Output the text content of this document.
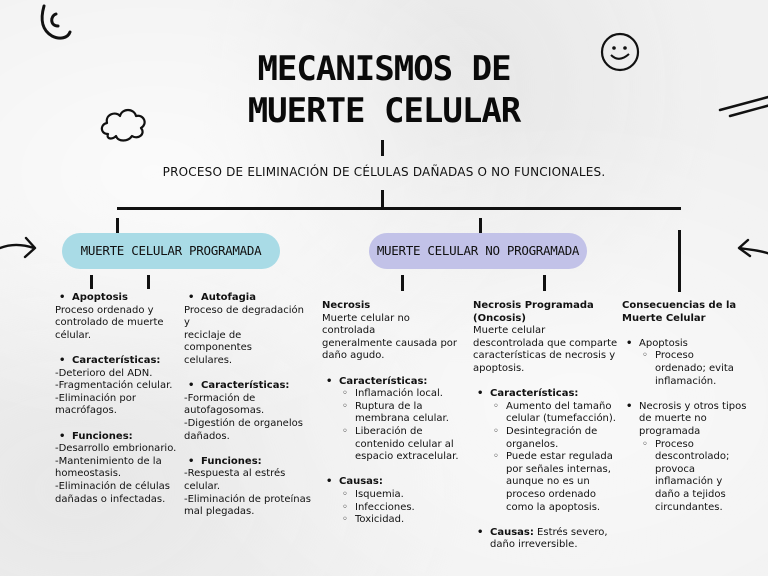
MECANISMOS DE
MUERTE CELULAR
PROCESO DE ELIMINACIÓN DE CÉLULAS DAÑADAS O NO FUNCIONALES.
MUERTE CELULAR PROGRAMADA	MUERTE CELULAR NO PROGRAMADA
• Apoptosis
Proceso ordenado y
controlado de muerte
célular.
• Características:
-Deterioro del ADN.
-Fragmentación celular.
-Eliminación por
macrófagos.
• Funciones:
-Desarrollo embrionario.
-Mantenimiento de la
homeostasis.
-Eliminación de células
dañadas o infectadas.
• Autofagia
Proceso de degradación y
reciclaje de componentes
celulares.
• Características:
-Formación de
autofagosomas.
-Digestión de organelos
dañados.
• Funciones:
-Respuesta al estrés
celular.
-Eliminación de proteínas
mal plegadas.
Necrosis
Muerte celular no controlada
generalmente causada por
daño agudo.
• Características:
◦ Inflamación local.
◦ Ruptura de la
membrana celular.
◦ Liberación de
contenido celular al
espacio extracelular.
• Causas:
◦ Isquemia.
◦ Infecciones.
◦ Toxicidad.
Necrosis Programada
(Oncosis)
Muerte celular
descontrolada que comparte
características de necrosis y
apoptosis.
• Características:
◦ Aumento del tamaño
celular (tumefacción).
◦ Desintegración de
organelos.
◦ Puede estar regulada
por señales internas,
aunque no es un
proceso ordenado
como la apoptosis.
• Causas: Estrés severo,
daño irreversible.
Consecuencias de la
Muerte Celular
• Apoptosis
◦ Proceso
ordenado; evita
inflamación.
• Necrosis y otros tipos
de muerte no
programada
◦ Proceso
descontrolado;
provoca
inflamación y
daño a tejidos
circundantes.
